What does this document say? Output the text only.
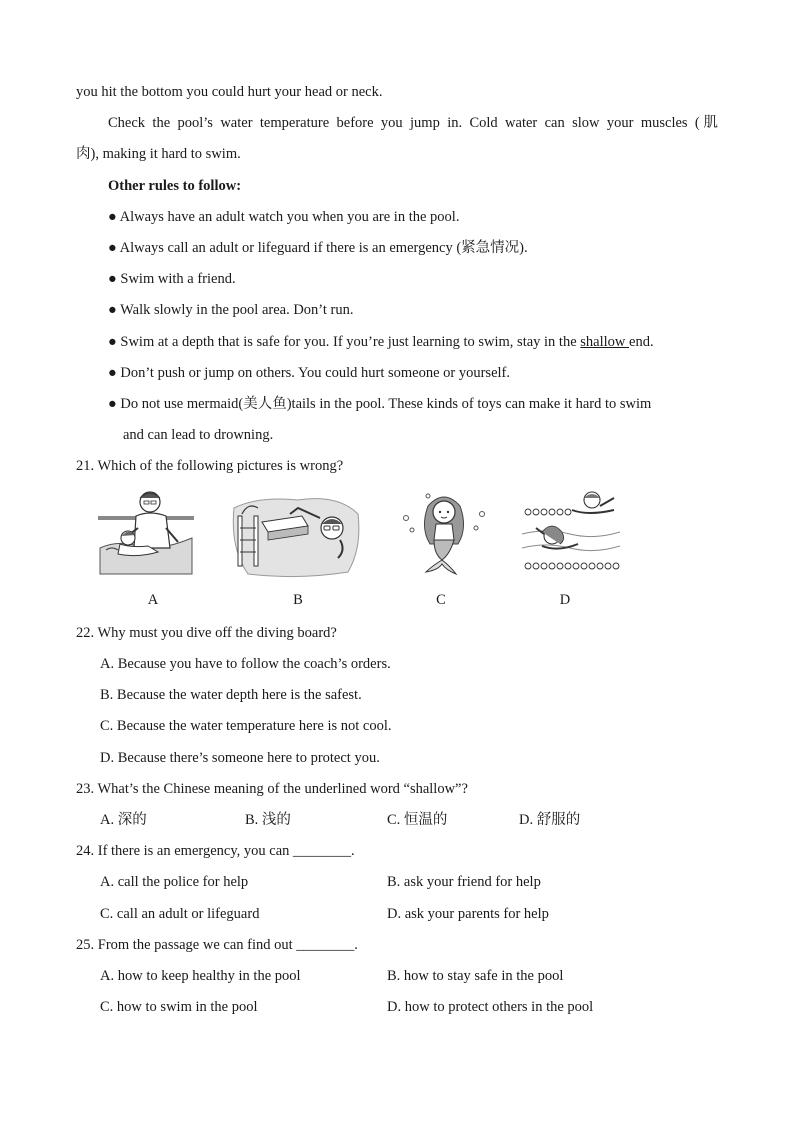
you hit the bottom you could hurt your head or neck.
Check the pool’s water temperature before you jump in. Cold water can slow your muscles (肌
肉), making it hard to swim.
Other rules to follow:
● Always have an adult watch you when you are in the pool.
● Always call an adult or lifeguard if there is an emergency (紧急情况).
● Swim with a friend.
● Walk slowly in the pool area. Don’t run.
● Swim at a depth that is safe for you. If you’re just learning to swim, stay in the shallow end.
● Don’t push or jump on others. You could hurt someone or yourself.
● Do not use mermaid(美人鱼)tails in the pool. These kinds of toys can make it hard to swim
and can lead to drowning.
21. Which of the following pictures is wrong?
A	B	C	D
22. Why must you dive off the diving board?
A. Because you have to follow the coach’s orders.
B. Because the water depth here is the safest.
C. Because the water temperature here is not cool.
D. Because there’s someone here to protect you.
23. What’s the Chinese meaning of the underlined word “shallow”?
A. 深的	B. 浅的	C. 恒温的	D. 舒服的
24. If there is an emergency, you can ________.
A. call the police for help	B. ask your friend for help
C. call an adult or lifeguard	D. ask your parents for help
25. From the passage we can find out ________.
A. how to keep healthy in the pool	B. how to stay safe in the pool
C. how to swim in the pool	D. how to protect others in the pool
